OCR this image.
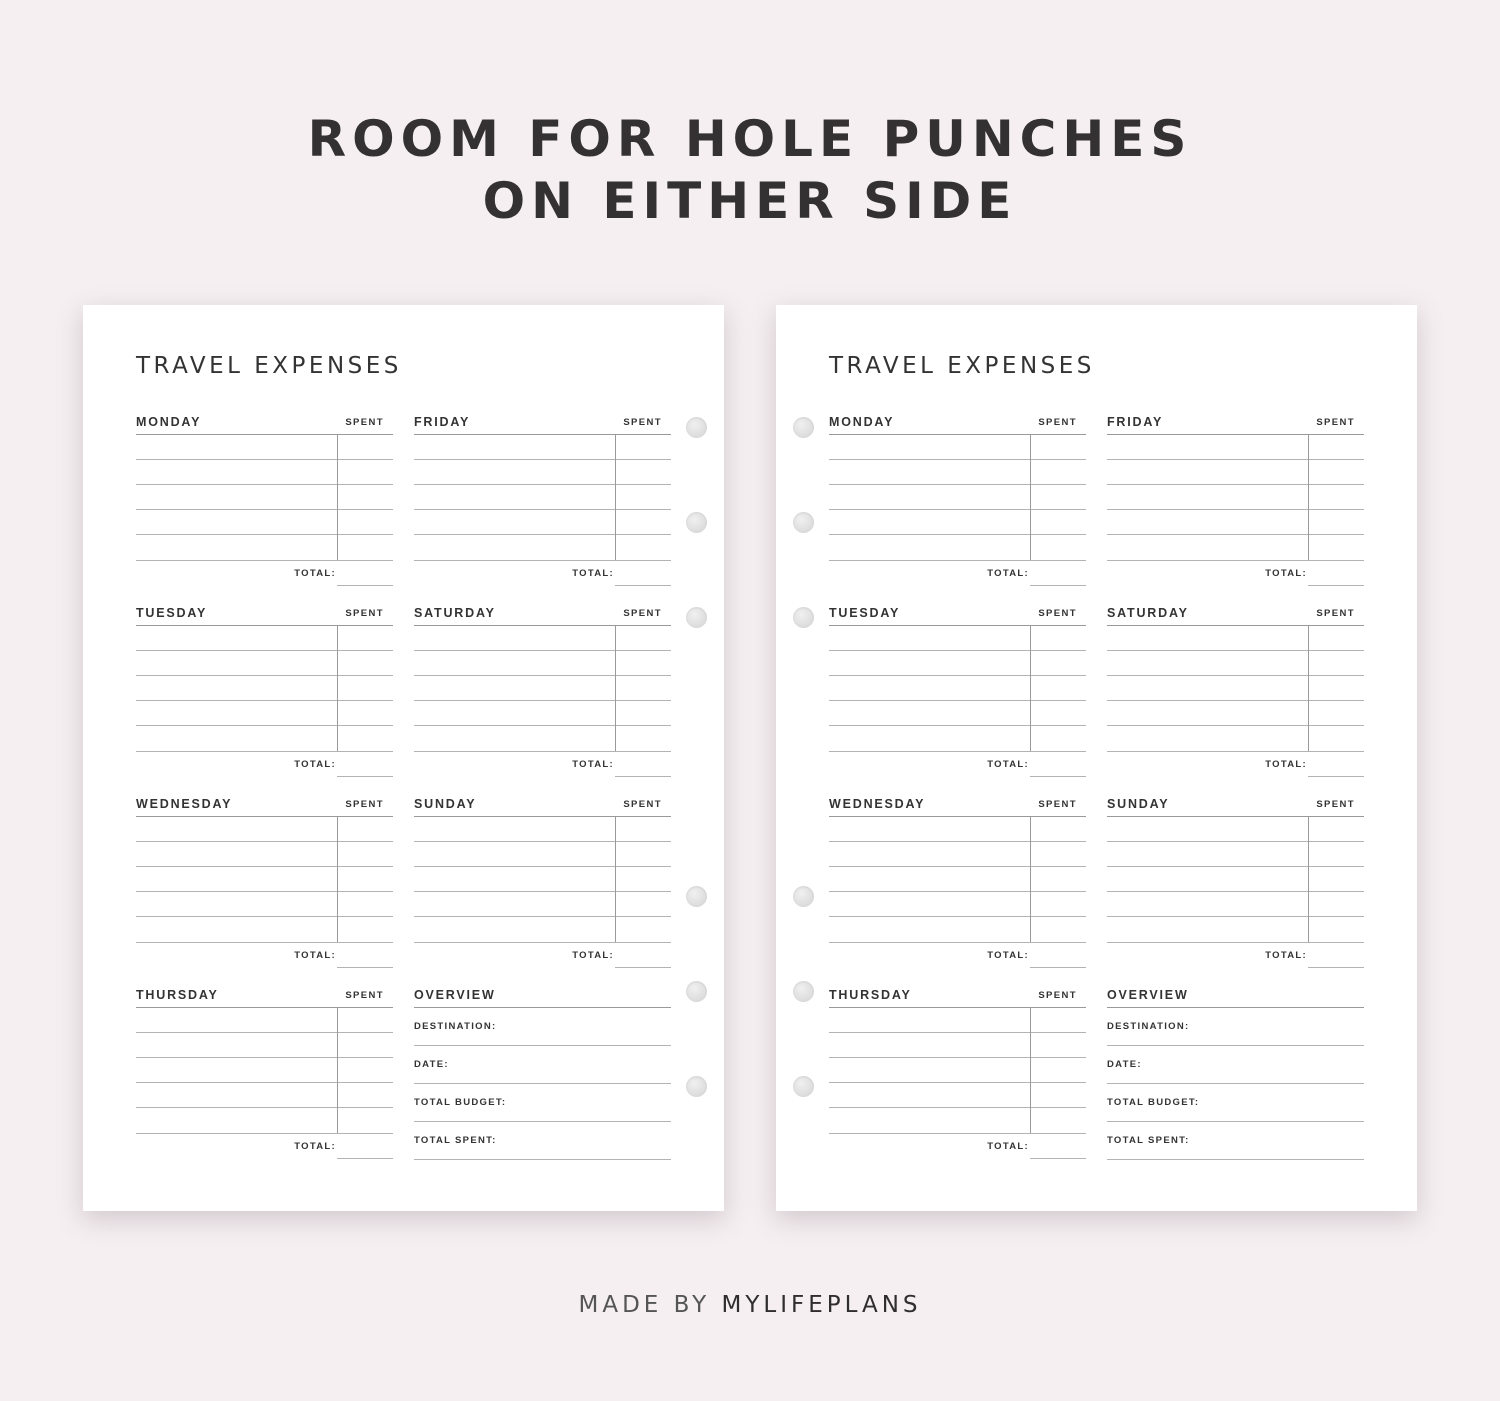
ROOM FOR HOLE PUNCHES
ON EITHER SIDE
TRAVEL EXPENSES
MONDAY	SPENT
TOTAL:
TUESDAY	SPENT
TOTAL:
WEDNESDAY	SPENT
TOTAL:
THURSDAY	SPENT
TOTAL:
FRIDAY	SPENT
TOTAL:
SATURDAY	SPENT
TOTAL:
SUNDAY	SPENT
TOTAL:
OVERVIEW
DESTINATION:
DATE:
TOTAL BUDGET:
TOTAL SPENT:
TRAVEL EXPENSES
MONDAY	SPENT
TOTAL:
TUESDAY	SPENT
TOTAL:
WEDNESDAY	SPENT
TOTAL:
THURSDAY	SPENT
TOTAL:
FRIDAY	SPENT
TOTAL:
SATURDAY	SPENT
TOTAL:
SUNDAY	SPENT
TOTAL:
OVERVIEW
DESTINATION:
DATE:
TOTAL BUDGET:
TOTAL SPENT:
MADE BY MYLIFEPLANS
